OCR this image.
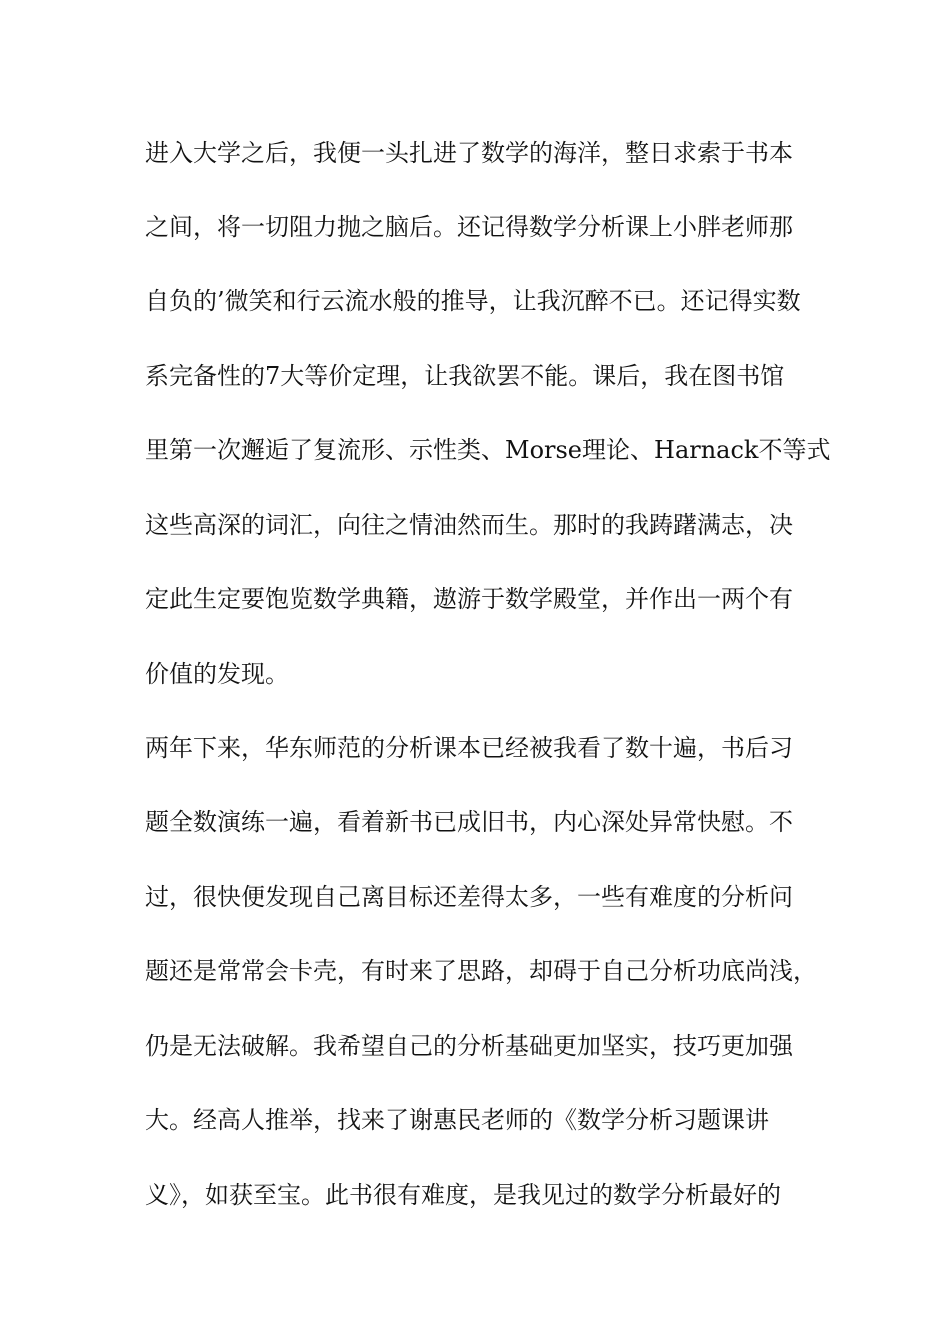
进入大学之后，我便一头扎进了数学的海洋，整日求索于书本
之间，将一切阻力抛之脑后。还记得数学分析课上小胖老师那
自负的’微笑和行云流水般的推导，让我沉醉不已。还记得实数
系完备性的7大等价定理，让我欲罢不能。课后，我在图书馆
里第一次邂逅了复流形、示性类、Morse理论、Harnack不等式
这些高深的词汇，向往之情油然而生。那时的我踌躇满志，决
定此生定要饱览数学典籍，遨游于数学殿堂，并作出一两个有
价值的发现。
两年下来，华东师范的分析课本已经被我看了数十遍，书后习
题全数演练一遍，看着新书已成旧书，内心深处异常快慰。不
过，很快便发现自己离目标还差得太多，一些有难度的分析问
题还是常常会卡壳，有时来了思路，却碍于自己分析功底尚浅，
仍是无法破解。我希望自己的分析基础更加坚实，技巧更加强
大。经高人推举，找来了谢惠民老师的《数学分析习题课讲
义》，如获至宝。此书很有难度，是我见过的数学分析最好的
